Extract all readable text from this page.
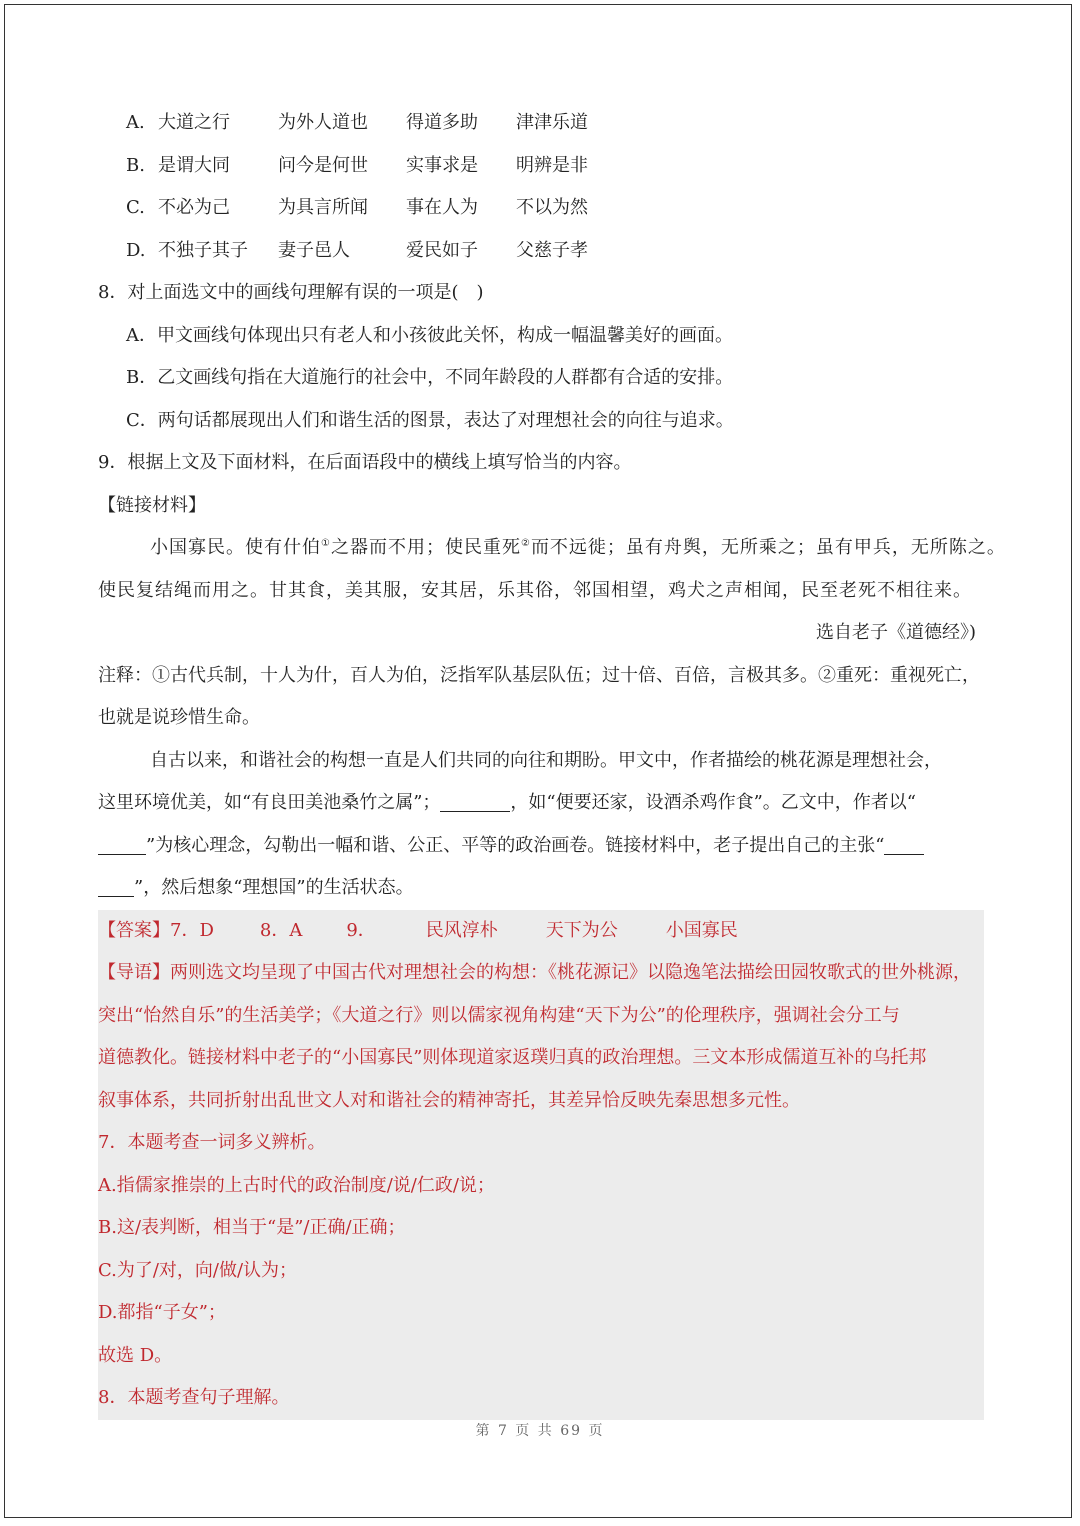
A. 大道之行	为外人道也 得道多助 津津乐道
B. 是谓大同	问今是何世 实事求是 明辨是非
C. 不必为己	为具言所闻 事在人为 不以为然
D. 不独子其子 妻子邑人	爱民如子 父慈子孝
8．对上面选文中的画线句理解有误的一项是(　)
A．甲文画线句体现出只有老人和小孩彼此关怀，构成一幅温馨美好的画面。
B．乙文画线句指在大道施行的社会中，不同年龄段的人群都有合适的安排。
C．两句话都展现出人们和谐生活的图景，表达了对理想社会的向往与追求。
9．根据上文及下面材料，在后面语段中的横线上填写恰当的内容。
【链接材料】
小国寡民。使有什伯①之器而不用；使民重死②而不远徙；虽有舟舆，无所乘之；虽有甲兵，无所陈之。
使民复结绳而用之。甘其食，美其服，安其居，乐其俗，邻国相望，鸡犬之声相闻，民至老死不相往来。
选自老子《道德经》)
注释：①古代兵制，十人为什，百人为伯，泛指军队基层队伍；过十倍、百倍，言极其多。②重死：重视死亡，
也就是说珍惜生命。
自古以来，和谐社会的构想一直是人们共同的向往和期盼。甲文中，作者描绘的桃花源是理想社会，
这里环境优美，如“有良田美池桑竹之属”；	，如“便要还家，设酒杀鸡作食”。乙文中，作者以“
”为核心理念，勾勒出一幅和谐、公正、平等的政治画卷。链接材料中，老子提出自己的主张“
”，然后想象“理想国”的生活状态。
【答案】7．D	8．A 9．	民风淳朴	天下为公	小国寡民
【导语】两则选文均呈现了中国古代对理想社会的构想：《桃花源记》以隐逸笔法描绘田园牧歌式的世外桃源，
突出“怡然自乐”的生活美学；《大道之行》则以儒家视角构建“天下为公”的伦理秩序，强调社会分工与
道德教化。链接材料中老子的“小国寡民”则体现道家返璞归真的政治理想。三文本形成儒道互补的乌托邦
叙事体系，共同折射出乱世文人对和谐社会的精神寄托，其差异恰反映先秦思想多元性。
7．本题考查一词多义辨析。
A.指儒家推崇的上古时代的政治制度/说/仁政/说；
B.这/表判断，相当于“是”/正确/正确；
C.为了/对，向/做/认为；
D.都指“子女”；
故选 D。
8．本题考查句子理解。
第 7 页 共 69 页
